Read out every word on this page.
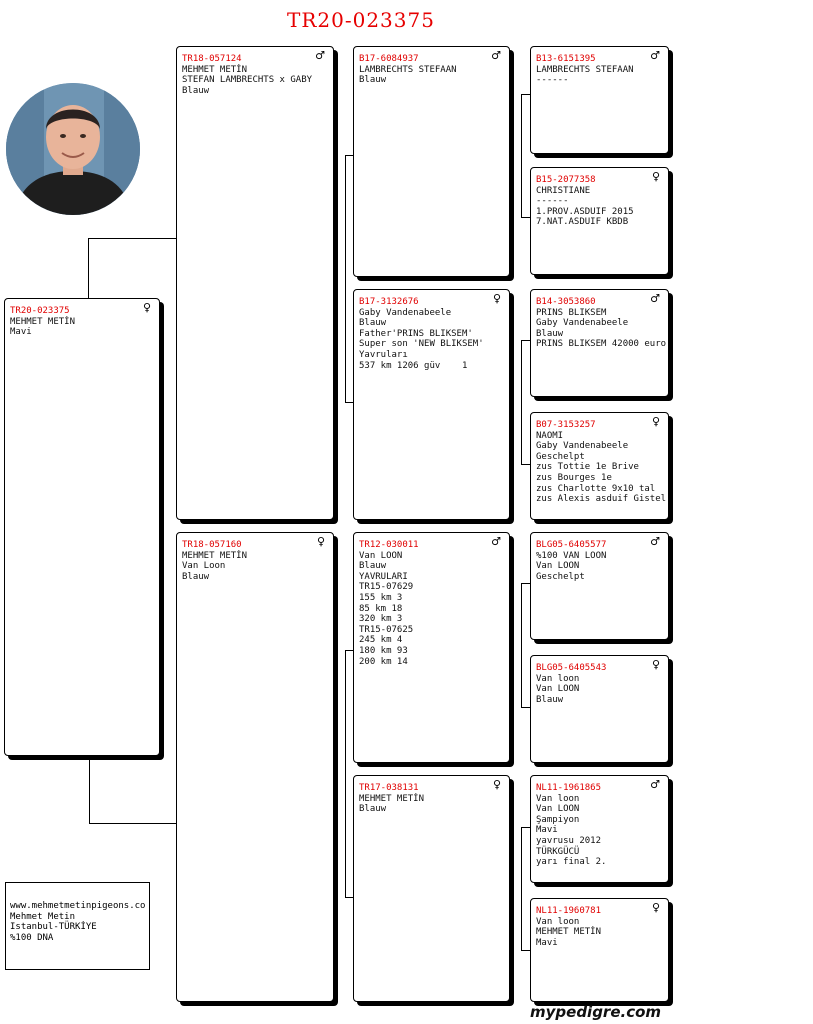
TR20-023375
TR20-023375	♀
MEHMET METİN
Mavi
TR18-057124	♂
MEHMET METİN
STEFAN LAMBRECHTS x GABY
Blauw
TR18-057160	♀
MEHMET METİN
Van Loon
Blauw
B17-6084937	♂
LAMBRECHTS STEFAAN
Blauw
B17-3132676	♀
Gaby Vandenabeele
Blauw
Father'PRINS BLIKSEM'
Super son 'NEW BLIKSEM'
Yavruları
537 km 1206 güv    1
TR12-030011	♂
Van LOON
Blauw
YAVRULARI
TR15-07629
155 km 3
85 km 18
320 km 3
TR15-07625
245 km 4
180 km 93
200 km 14
TR17-038131	♀
MEHMET METİN
Blauw
B13-6151395	♂
LAMBRECHTS STEFAAN
------
B15-2077358	♀
CHRISTIANE
------
1.PROV.ASDUIF 2015
7.NAT.ASDUIF KBDB
B14-3053860	♂
PRINS BLIKSEM
Gaby Vandenabeele
Blauw
PRINS BLIKSEM 42000 euro
B07-3153257	♀
NAOMI
Gaby Vandenabeele
Geschelpt
zus Tottie 1e Brive
zus Bourges 1e
zus Charlotte 9x10 tal
zus Alexis asduif Gistel
BLG05-6405577	♂
%100 VAN LOON
Van LOON
Geschelpt
BLG05-6405543	♀
Van loon
Van LOON
Blauw
NL11-1961865	♂
Van loon
Van LOON
Şampiyon
Mavi
yavrusu 2012
TÜRKGÜCÜ
yarı final 2.
NL11-1960781	♀
Van loon
MEHMET METİN
Mavi
www.mehmetmetinpigeons.co
Mehmet Metin
Istanbul-TÜRKİYE
%100 DNA
mypedigre.com
